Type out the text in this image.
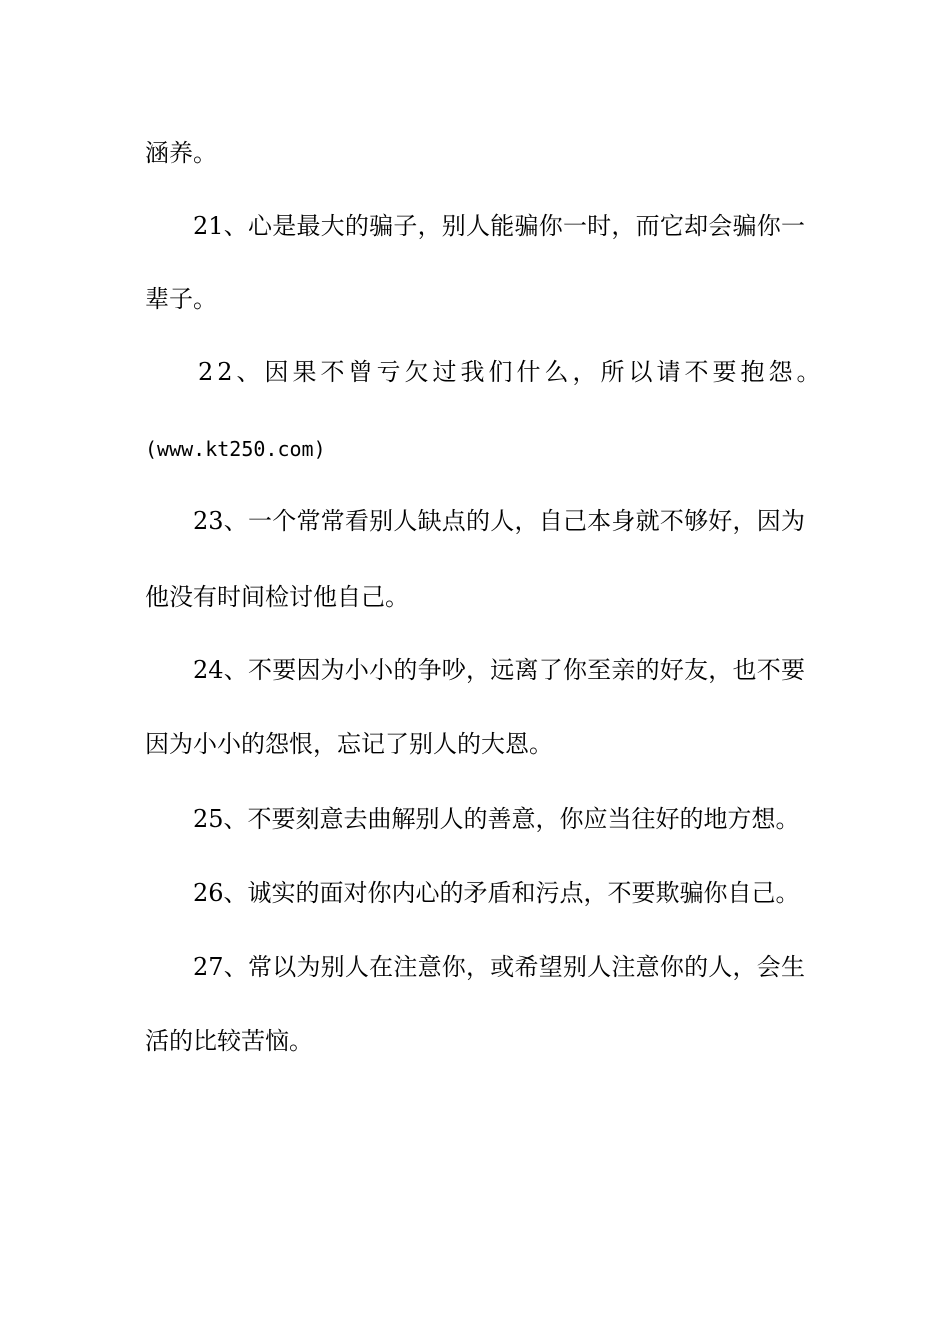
涵养。
21、心是最大的骗子，别人能骗你一时，而它却会骗你一
辈子。
22、因果不曾亏欠过我们什么，所以请不要抱怨。
(www.kt250.com)
23、一个常常看别人缺点的人，自己本身就不够好，因为
他没有时间检讨他自己。
24、不要因为小小的争吵，远离了你至亲的好友，也不要
因为小小的怨恨，忘记了别人的大恩。
25、不要刻意去曲解别人的善意，你应当往好的地方想。
26、诚实的面对你内心的矛盾和污点，不要欺骗你自己。
27、常以为别人在注意你，或希望别人注意你的人，会生
活的比较苦恼。
